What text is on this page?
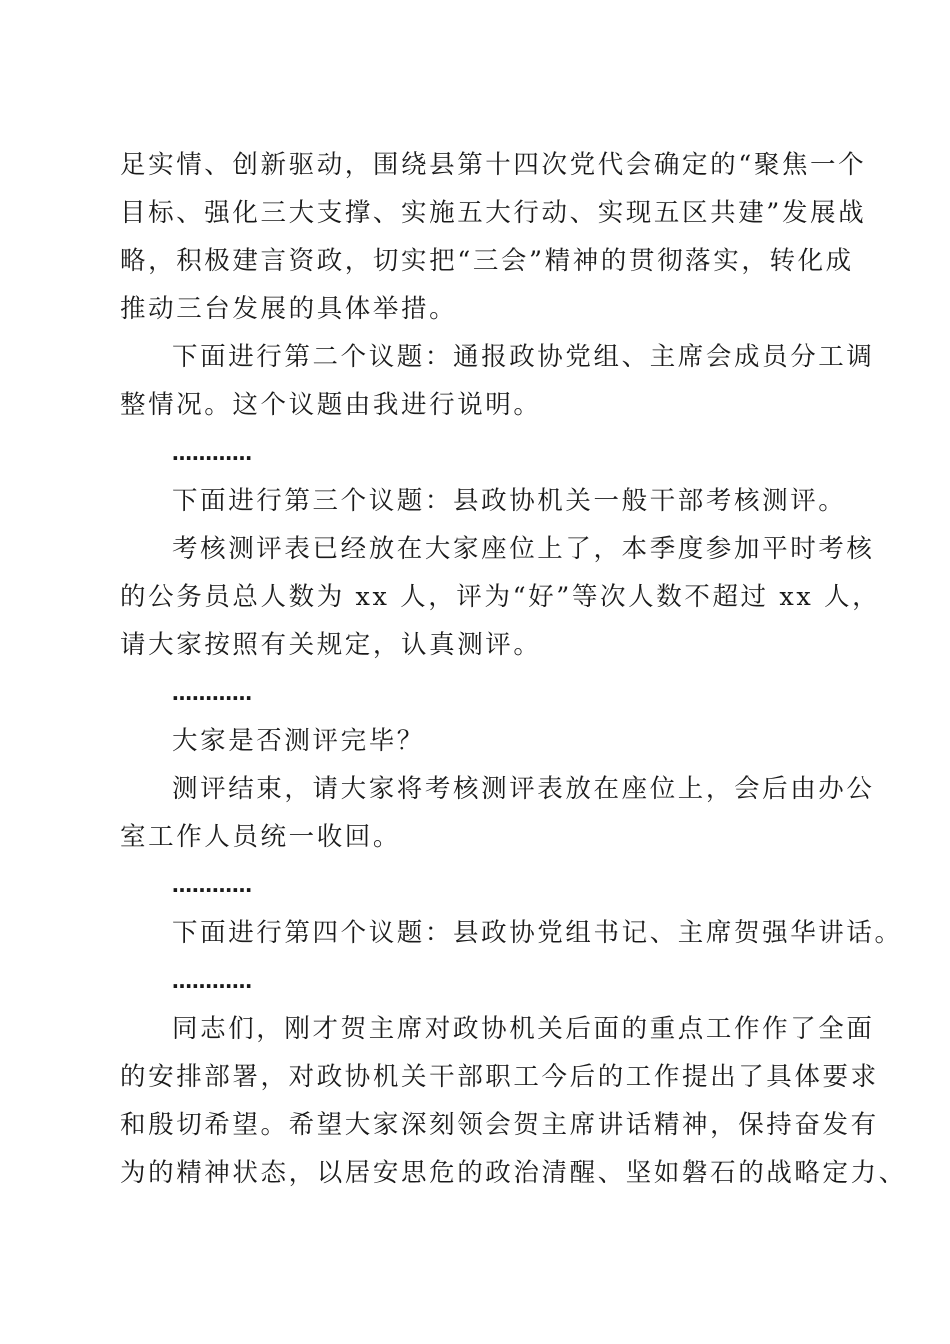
足实情、创新驱动，围绕县第十四次党代会确定的“聚焦一个
目标、强化三大支撑、实施五大行动、实现五区共建”发展战
略，积极建言资政，切实把“三会”精神的贯彻落实，转化成
推动三台发展的具体举措。
下面进行第二个议题：通报政协党组、主席会成员分工调
整情况。这个议题由我进行说明。

…………

下面进行第三个议题：县政协机关一般干部考核测评。
考核测评表已经放在大家座位上了，本季度参加平时考核
的公务员总人数为 xx 人，评为“好”等次人数不超过 xx 人，
请大家按照有关规定，认真测评。

…………

大家是否测评完毕？
测评结束，请大家将考核测评表放在座位上，会后由办公
室工作人员统一收回。

…………

下面进行第四个议题：县政协党组书记、主席贺强华讲话。

…………

同志们，刚才贺主席对政协机关后面的重点工作作了全面
的安排部署，对政协机关干部职工今后的工作提出了具体要求
和殷切希望。希望大家深刻领会贺主席讲话精神，保持奋发有
为的精神状态，以居安思危的政治清醒、坚如磐石的战略定力、
